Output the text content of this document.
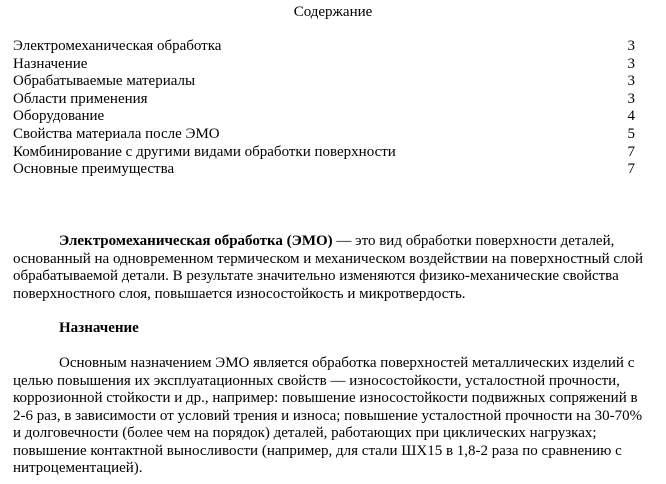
Содержание
Электромеханическая обработка	3
Назначение	3
Обрабатываемые материалы	3
Области применения	3
Оборудование	4
Свойства материала после ЭМО	5
Комбинирование с другими видами обработки поверхности	7
Основные преимущества	7

Электромеханическая обработка (ЭМО) — это вид обработки поверхности деталей, основанный на одновременном термическом и механическом воздействии на поверхностный слой обрабатываемой детали. В результате значительно изменяются физико-механические свойства поверхностного слоя, повышается износостойкость и микротвердость.

Назначение

Основным назначением ЭМО является обработка поверхностей металлических изделий с целью повышения их эксплуатационных свойств — износостойкости, усталостной прочности, коррозионной стойкости и др., например: повышение износостойкости подвижных сопряжений в 2-6 раз, в зависимости от условий трения и износа; повышение усталостной прочности на 30-70% и долговечности (более чем на порядок) деталей, работающих при циклических нагрузках; повышение контактной выносливости (например, для стали ШХ15 в 1,8-2 раза по сравнению с нитроцементацией).
